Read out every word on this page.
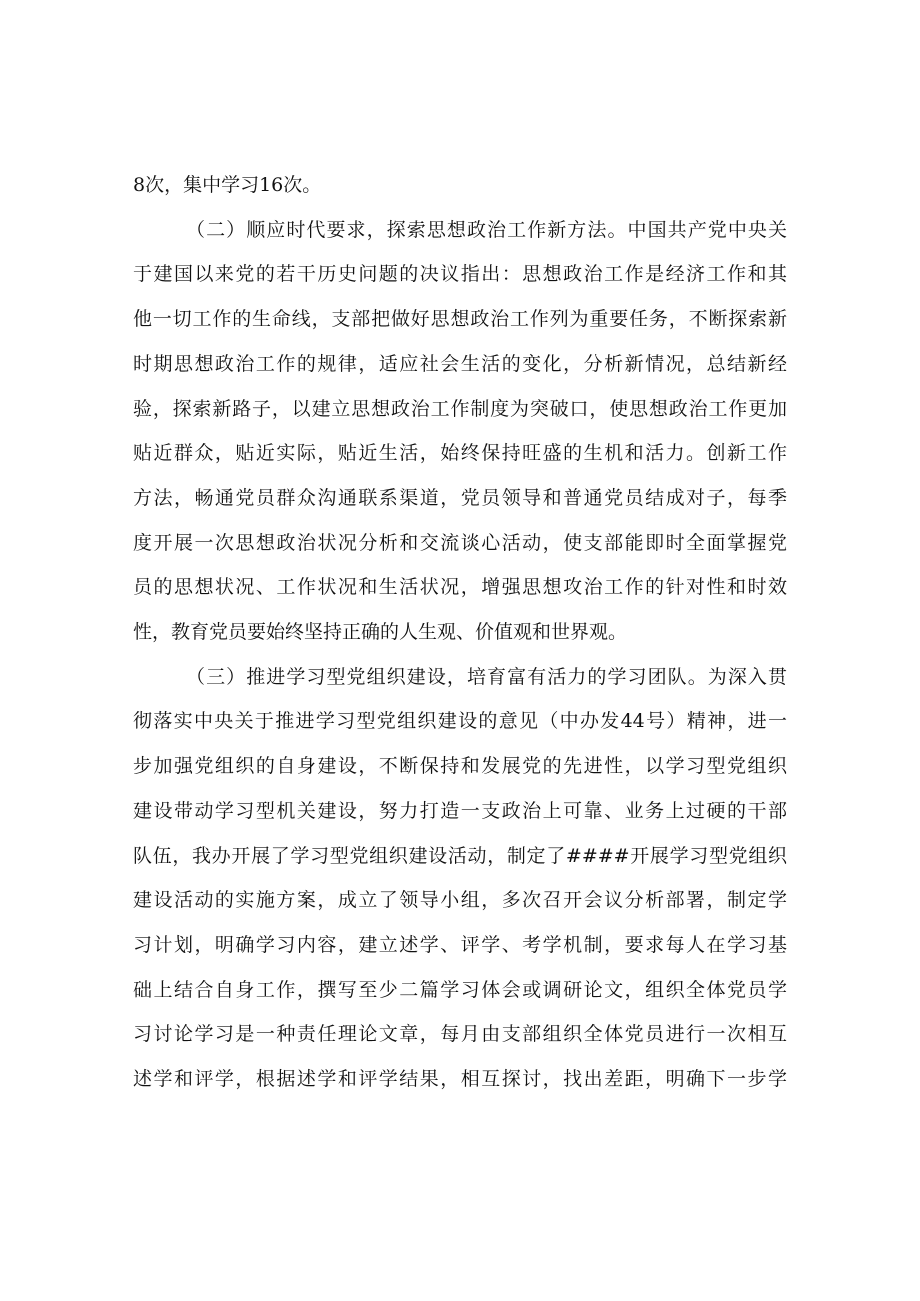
8次，集中学习16次。
（二）顺应时代要求，探索思想政治工作新方法。中国共产党中央关
于建国以来党的若干历史问题的决议指出：思想政治工作是经济工作和其
他一切工作的生命线，支部把做好思想政治工作列为重要任务，不断探索新
时期思想政治工作的规律，适应社会生活的变化，分析新情况，总结新经
验，探索新路子，以建立思想政治工作制度为突破口，使思想政治工作更加
贴近群众，贴近实际，贴近生活，始终保持旺盛的生机和活力。创新工作
方法，畅通党员群众沟通联系渠道，党员领导和普通党员结成对子，每季
度开展一次思想政治状况分析和交流谈心活动，使支部能即时全面掌握党
员的思想状况、工作状况和生活状况，增强思想攻治工作的针对性和时效
性，教育党员要始终坚持正确的人生观、价值观和世界观。
（三）推进学习型党组织建设，培育富有活力的学习团队。为深入贯
彻落实中央关于推进学习型党组织建设的意见（中办发44号）精神，进一
步加强党组织的自身建设，不断保持和发展党的先进性，以学习型党组织
建设带动学习型机关建设，努力打造一支政治上可靠、业务上过硬的干部
队伍，我办开展了学习型党组织建设活动，制定了####开展学习型党组织
建设活动的实施方案，成立了领导小组，多次召开会议分析部署，制定学
习计划，明确学习内容，建立述学、评学、考学机制，要求每人在学习基
础上结合自身工作，撰写至少二篇学习体会或调研论文，组织全体党员学
习讨论学习是一种责任理论文章，每月由支部组织全体党员进行一次相互
述学和评学，根据述学和评学结果，相互探讨，找出差距，明确下一步学
